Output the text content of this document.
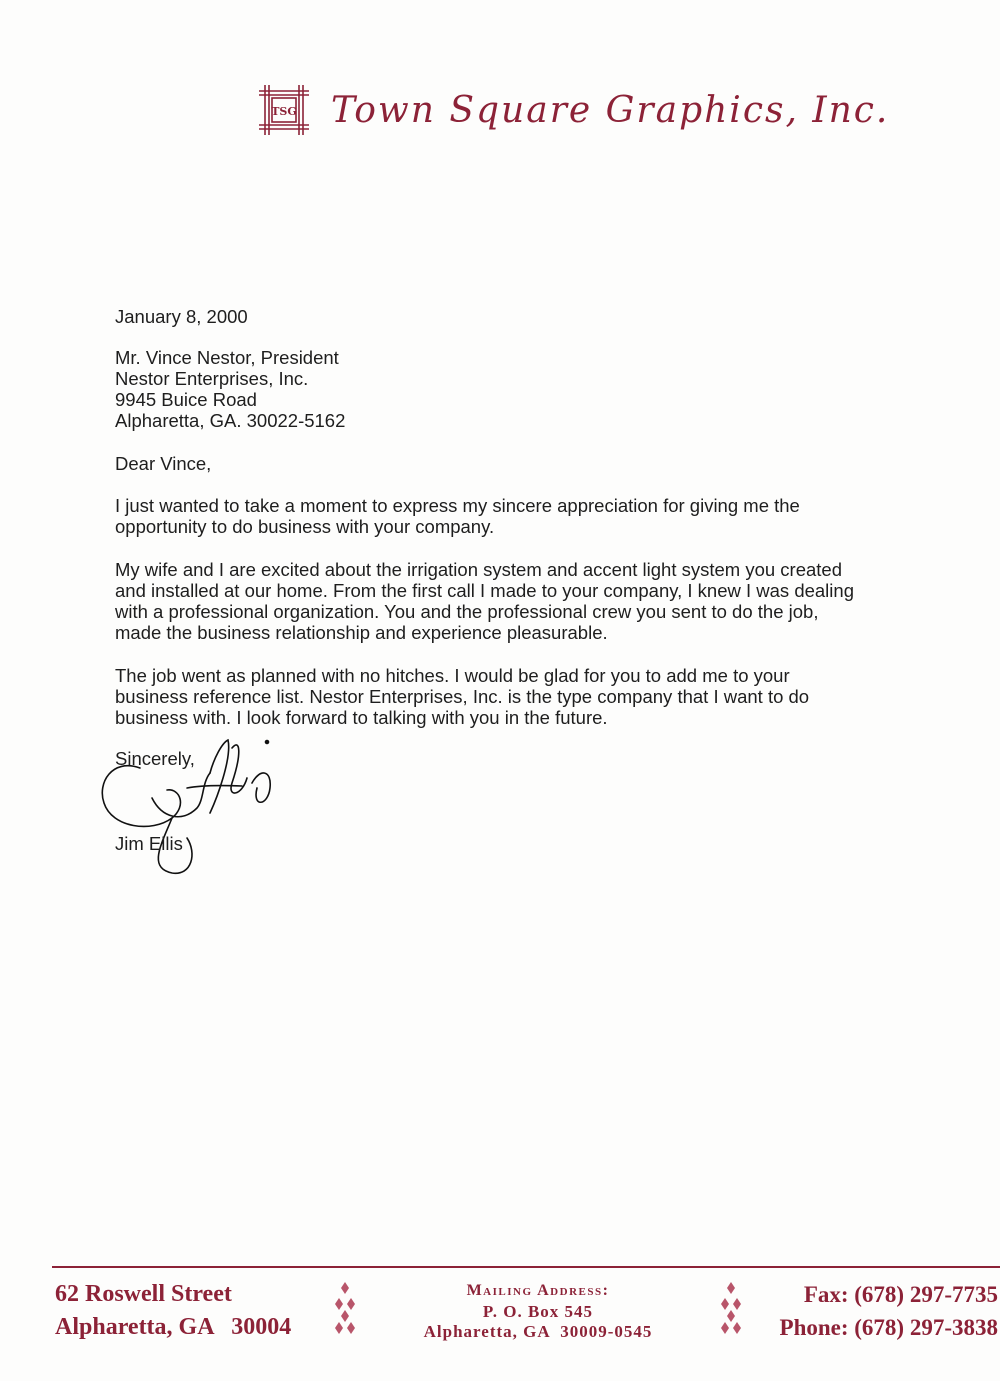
TSG Town Square Graphics, Inc.
January 8, 2000
Mr. Vince Nestor, President
Nestor Enterprises, Inc.
9945 Buice Road
Alpharetta, GA. 30022-5162
Dear Vince,
I just wanted to take a moment to express my sincere appreciation for giving me the
opportunity to do business with your company.
My wife and I are excited about the irrigation system and accent light system you created
and installed at our home. From the first call I made to your company, I knew I was dealing
with a professional organization. You and the professional crew you sent to do the job,
made the business relationship and experience pleasurable.
The job went as planned with no hitches. I would be glad for you to add me to your
business reference list. Nestor Enterprises, Inc. is the type company that I want to do
business with. I look forward to talking with you in the future.
Sincerely,
Jim Ellis
62 Roswell Street
Alpharetta, GA   30004
Mailing Address:
P. O. Box 545
Alpharetta, GA  30009-0545
Fax: (678) 297-7735
Phone: (678) 297-3838
